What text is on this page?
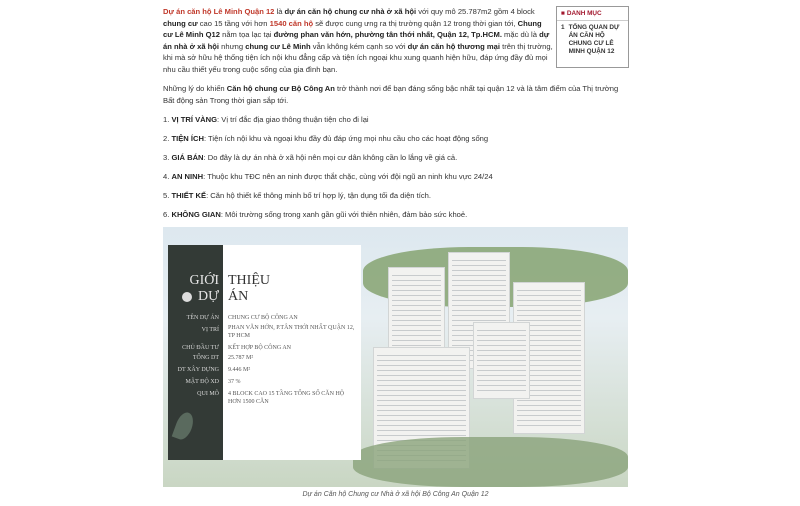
Dự án căn hộ Lê Minh Quận 12 là dự án căn hộ chung cư nhà ở xã hội với quy mô 25.787m2 gồm 4 block chung cư cao 15 tầng với hơn 1540 căn hộ sẽ được cung ưng ra thị trường quận 12 trong thời gian tới, Chung cư Lê Minh Q12 nằm tọa lạc tại đường phan văn hớn, phường tân thới nhất, Quận 12, Tp.HCM. mặc dù là dự án nhà ở xã hội nhưng chung cư Lê Minh vẫn không kém cạnh so với dự án căn hộ thương mại trên thị trường, khi mà sở hữu hệ thống tiện ích nội khu đẳng cấp và tiện ích ngoại khu xung quanh hiện hữu, đáp ứng đầy đủ mọi nhu cầu thiết yếu trong cuộc sống của gia đình bạn.

Những lý do khiến Căn hộ chung cư Bộ Công An trở thành nơi để bạn đáng sống bậc nhất tại quận 12 và là tâm điểm của Thị trường Bất động sản Trong thời gian sắp tới.

1. VỊ TRÍ VÀNG: Vị trí đắc địa giao thông thuận tiện cho đi lại
2. TIỆN ÍCH: Tiện ích nội khu và ngoại khu đầy đủ đáp ứng mọi nhu cầu cho các hoạt động sống
3. GIÁ BÁN: Do đây là dự án nhà ở xã hội nên mọi cư dân không cần lo lắng về giá cả.
4. AN NINH: Thuộc khu TĐC nên an ninh được thắt chặc, cùng với đội ngũ an ninh khu vực 24/24
5. THIẾT KẾ: Căn hộ thiết kế thông minh bố trí hợp lý, tận dụng tối đa diện tích.
6. KHÔNG GIAN: Môi trường sống trong xanh gần gũi với thiên nhiên, đảm bảo sức khoẻ.
■ DANH MỤC
1 TỔNG QUAN DỰ ÁN CĂN HỘ CHUNG CƯ LÊ MINH QUẬN 12
GIỚI
DỰ
TÊN DỰ ÁN
VỊ TRÍ
CHỦ ĐẦU TƯ
TỔNG DT
DT XÂY DỰNG
MẬT ĐỘ XD
QUI MÔ
THIỆU
ÁN
CHUNG CƯ BỘ CÔNG AN
PHAN VĂN HỚN, P.TÂN THỚI NHẤT QUẬN 12, TP HCM
KẾT HỢP BỘ CÔNG AN
25.787 M²
9.446 M²
37 %
4 BLOCK CAO 15 TẦNG TỔNG SỐ CĂN HỘ HƠN 1500 CĂN
Dự án Căn hộ Chung cư Nhà ở xã hội Bộ Công An Quận 12
